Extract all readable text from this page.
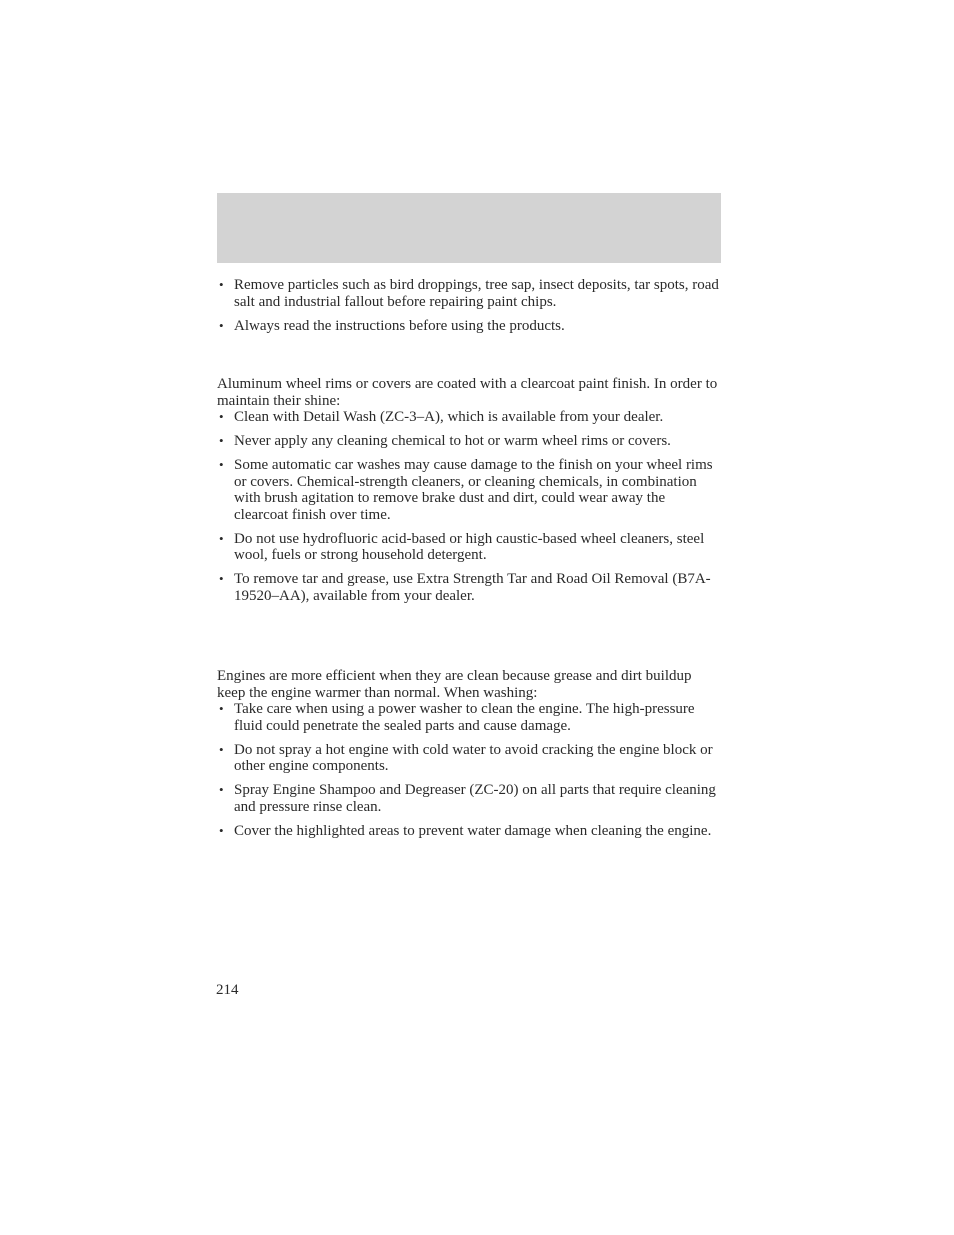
• Remove particles such as bird droppings, tree sap, insect deposits, tar spots, road salt and industrial fallout before repairing paint chips.
• Always read the instructions before using the products.

Aluminum wheel rims or covers are coated with a clearcoat paint finish. In order to maintain their shine:

• Clean with Detail Wash (ZC-3–A), which is available from your dealer.
• Never apply any cleaning chemical to hot or warm wheel rims or covers.
• Some automatic car washes may cause damage to the finish on your wheel rims or covers. Chemical-strength cleaners, or cleaning chemicals, in combination with brush agitation to remove brake dust and dirt, could wear away the clearcoat finish over time.
• Do not use hydrofluoric acid-based or high caustic-based wheel cleaners, steel wool, fuels or strong household detergent.
• To remove tar and grease, use Extra Strength Tar and Road Oil Removal (B7A-19520–AA), available from your dealer.

Engines are more efficient when they are clean because grease and dirt buildup keep the engine warmer than normal. When washing:

• Take care when using a power washer to clean the engine. The high-pressure fluid could penetrate the sealed parts and cause damage.
• Do not spray a hot engine with cold water to avoid cracking the engine block or other engine components.
• Spray Engine Shampoo and Degreaser (ZC-20) on all parts that require cleaning and pressure rinse clean.
• Cover the highlighted areas to prevent water damage when cleaning the engine.
214
